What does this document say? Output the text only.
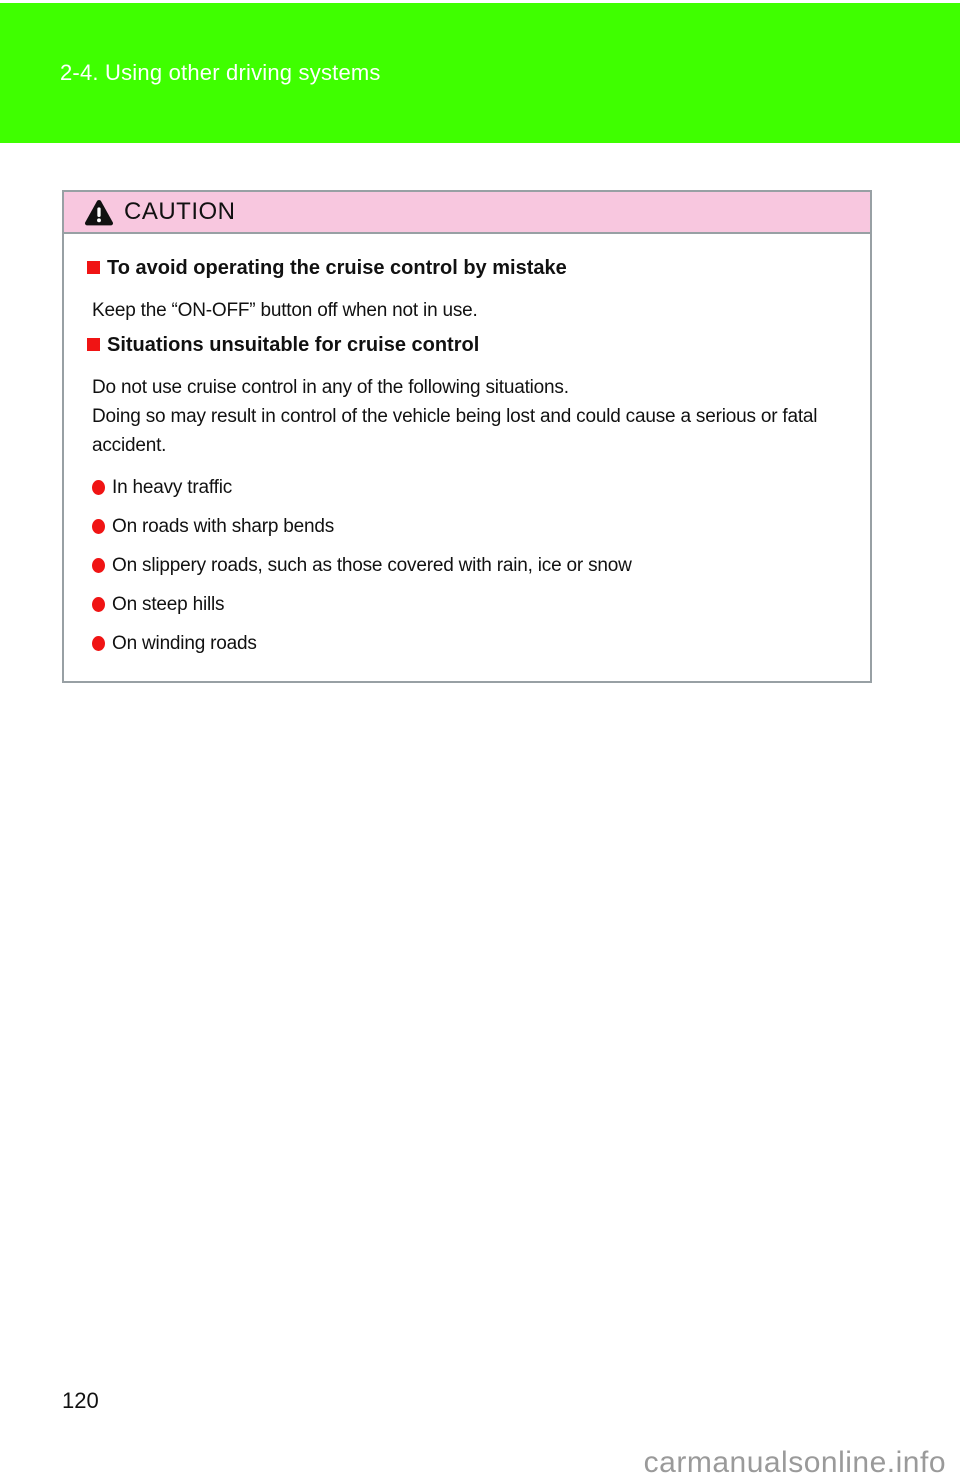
2-4. Using other driving systems
CAUTION
To avoid operating the cruise control by mistake

Keep the “ON-OFF” button off when not in use.

Situations unsuitable for cruise control

Do not use cruise control in any of the following situations.

Doing so may result in control of the vehicle being lost and could cause a serious or fatal accident.

In heavy traffic
On roads with sharp bends
On slippery roads, such as those covered with rain, ice or snow
On steep hills
On winding roads
120
carmanualsonline.info
